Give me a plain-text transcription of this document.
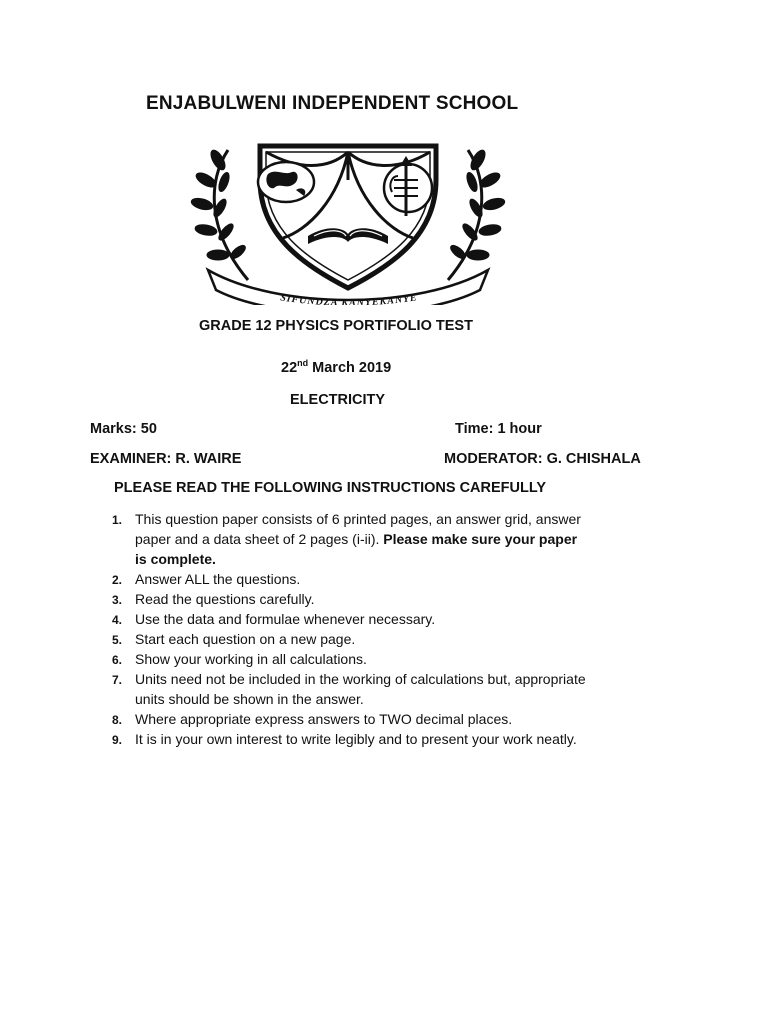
ENJABULWENI INDEPENDENT SCHOOL
SIFUNDZA KANYEKANYE
GRADE 12 PHYSICS PORTIFOLIO TEST
22nd March 2019
ELECTRICITY
Marks: 50	Time: 1 hour
EXAMINER: R. WAIRE	MODERATOR: G. CHISHALA
PLEASE READ THE FOLLOWING INSTRUCTIONS CAREFULLY
1. This question paper consists of 6 printed pages, an answer grid, answer paper and a data sheet of 2 pages (i-ii). Please make sure your paper is complete.
2. Answer ALL the questions.
3. Read the questions carefully.
4. Use the data and formulae whenever necessary.
5. Start each question on a new page.
6. Show your working in all calculations.
7. Units need not be included in the working of calculations but, appropriate units should be shown in the answer.
8. Where appropriate express answers to TWO decimal places.
9. It is in your own interest to write legibly and to present your work neatly.
